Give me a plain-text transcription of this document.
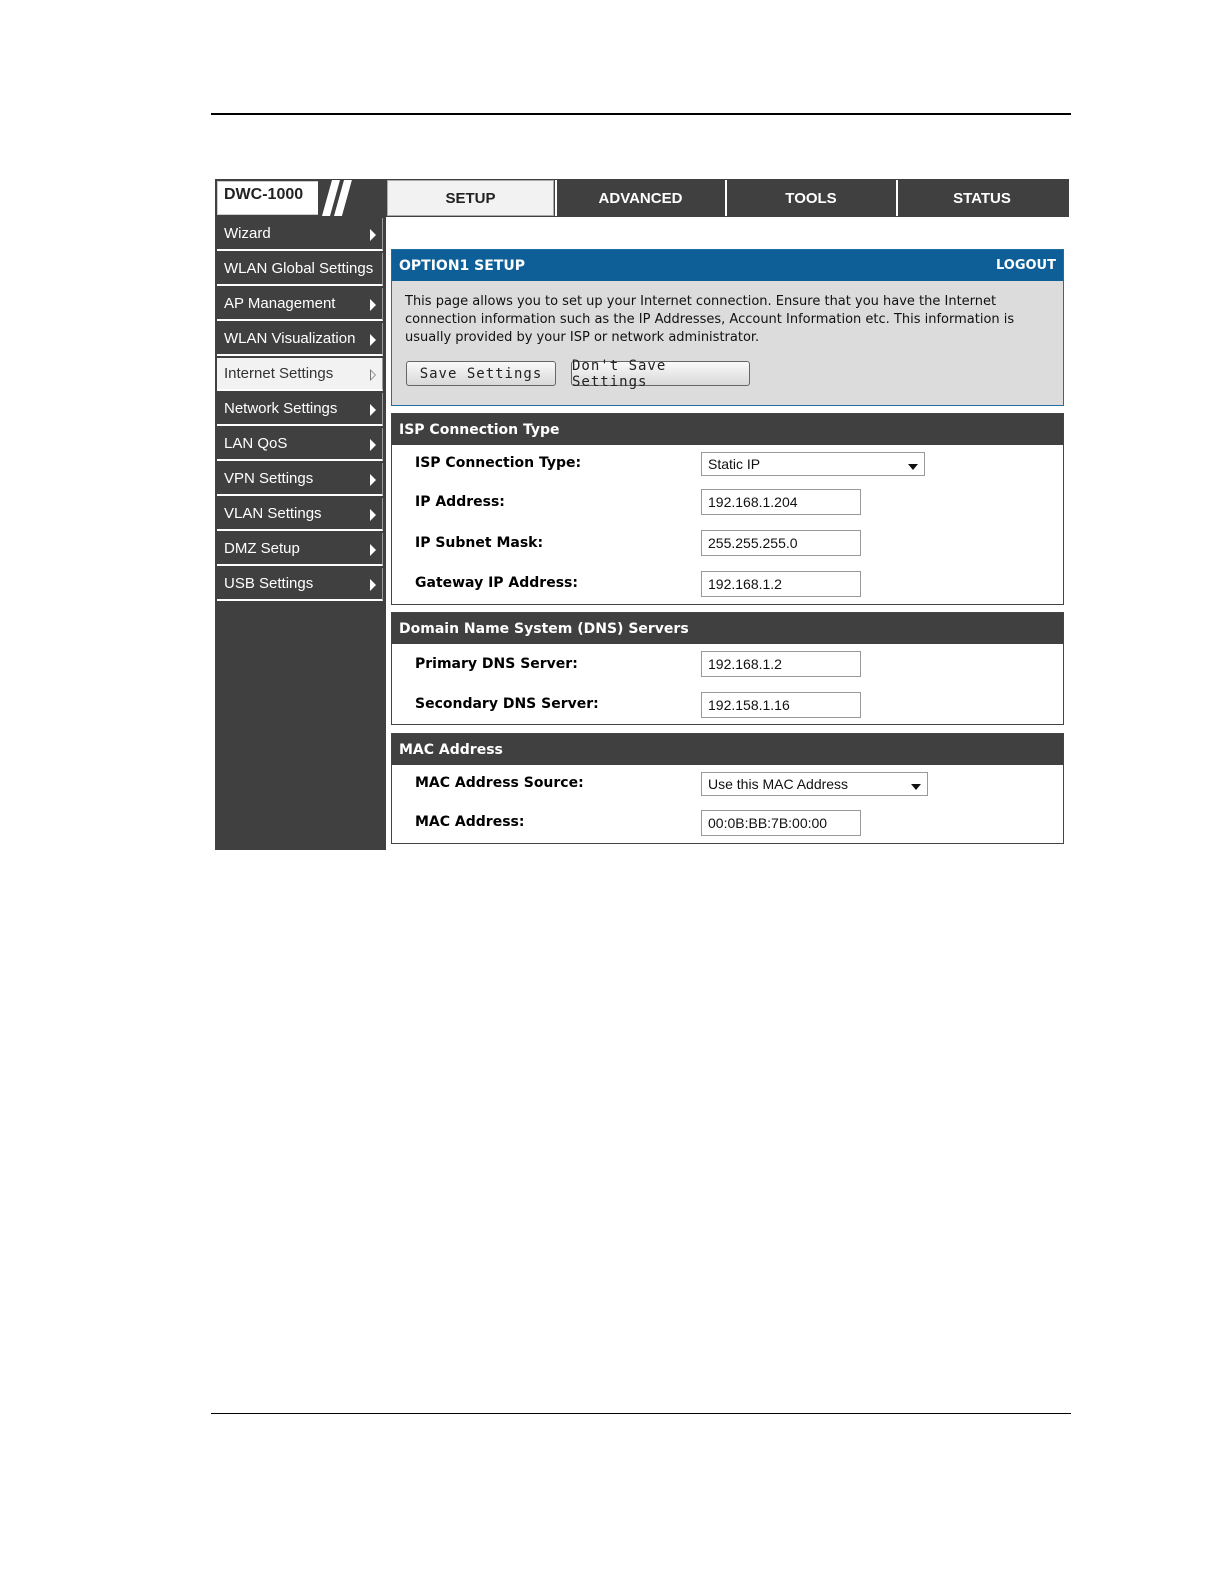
DWC-1000	SETUP	ADVANCED	TOOLS	STATUS
Wizard
WLAN Global Settings
AP Management
WLAN Visualization
Internet Settings
Network Settings
LAN QoS
VPN Settings
VLAN Settings
DMZ Setup
USB Settings
OPTION1 SETUP	LOGOUT
This page allows you to set up your Internet connection. Ensure that you have the Internet connection information such as the IP Addresses, Account Information etc. This information is usually provided by your ISP or network administrator.
Save Settings	Don't Save Settings
ISP Connection Type
ISP Connection Type:	Static IP
IP Address:	192.168.1.204
IP Subnet Mask:	255.255.255.0
Gateway IP Address:	192.168.1.2
Domain Name System (DNS) Servers
Primary DNS Server:	192.168.1.2
Secondary DNS Server:	192.158.1.16
MAC Address
MAC Address Source:	Use this MAC Address
MAC Address:	00:0B:BB:7B:00:00
